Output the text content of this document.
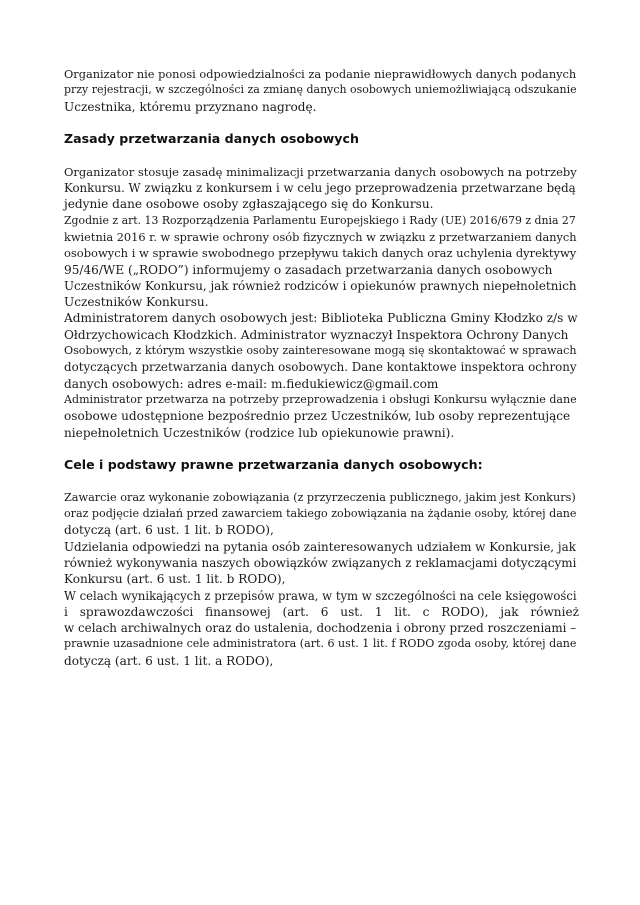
Organizator nie ponosi odpowiedzialności za podanie nieprawidłowych danych podanych
przy rejestracji, w szczególności za zmianę danych osobowych uniemożliwiającą odszukanie
Uczestnika, któremu przyznano nagrodę.
Zasady przetwarzania danych osobowych
Organizator stosuje zasadę minimalizacji przetwarzania danych osobowych na potrzeby
Konkursu. W związku z konkursem i w celu jego przeprowadzenia przetwarzane będą
jedynie dane osobowe osoby zgłaszającego się do Konkursu.
Zgodnie z art. 13 Rozporządzenia Parlamentu Europejskiego i Rady (UE) 2016/679 z dnia 27
kwietnia 2016 r. w sprawie ochrony osób fizycznych w związku z przetwarzaniem danych
osobowych i w sprawie swobodnego przepływu takich danych oraz uchylenia dyrektywy
95/46/WE („RODO”) informujemy o zasadach przetwarzania danych osobowych
Uczestników Konkursu, jak również rodziców i opiekunów prawnych niepełnoletnich
Uczestników Konkursu.
Administratorem danych osobowych jest: Biblioteka Publiczna Gminy Kłodzko z/s w
Ołdrzychowicach Kłodzkich. Administrator wyznaczył Inspektora Ochrony Danych
Osobowych, z którym wszystkie osoby zainteresowane mogą się skontaktować w sprawach
dotyczących przetwarzania danych osobowych. Dane kontaktowe inspektora ochrony
danych osobowych: adres e-mail: m.fiedukiewicz@gmail.com
Administrator przetwarza na potrzeby przeprowadzenia i obsługi Konkursu wyłącznie dane
osobowe udostępnione bezpośrednio przez Uczestników, lub osoby reprezentujące
niepełnoletnich Uczestników (rodzice lub opiekunowie prawni).
Cele i podstawy prawne przetwarzania danych osobowych:
Zawarcie oraz wykonanie zobowiązania (z przyrzeczenia publicznego, jakim jest Konkurs)
oraz podjęcie działań przed zawarciem takiego zobowiązania na żądanie osoby, której dane
dotyczą (art. 6 ust. 1 lit. b RODO),
Udzielania odpowiedzi na pytania osób zainteresowanych udziałem w Konkursie, jak
również wykonywania naszych obowiązków związanych z reklamacjami dotyczącymi
Konkursu (art. 6 ust. 1 lit. b RODO),
W celach wynikających z przepisów prawa, w tym w szczególności na cele księgowości
i sprawozdawczości finansowej (art. 6 ust. 1 lit. c RODO), jak również
w celach archiwalnych oraz do ustalenia, dochodzenia i obrony przed roszczeniami –
prawnie uzasadnione cele administratora (art. 6 ust. 1 lit. f RODO zgoda osoby, której dane
dotyczą (art. 6 ust. 1 lit. a RODO),
